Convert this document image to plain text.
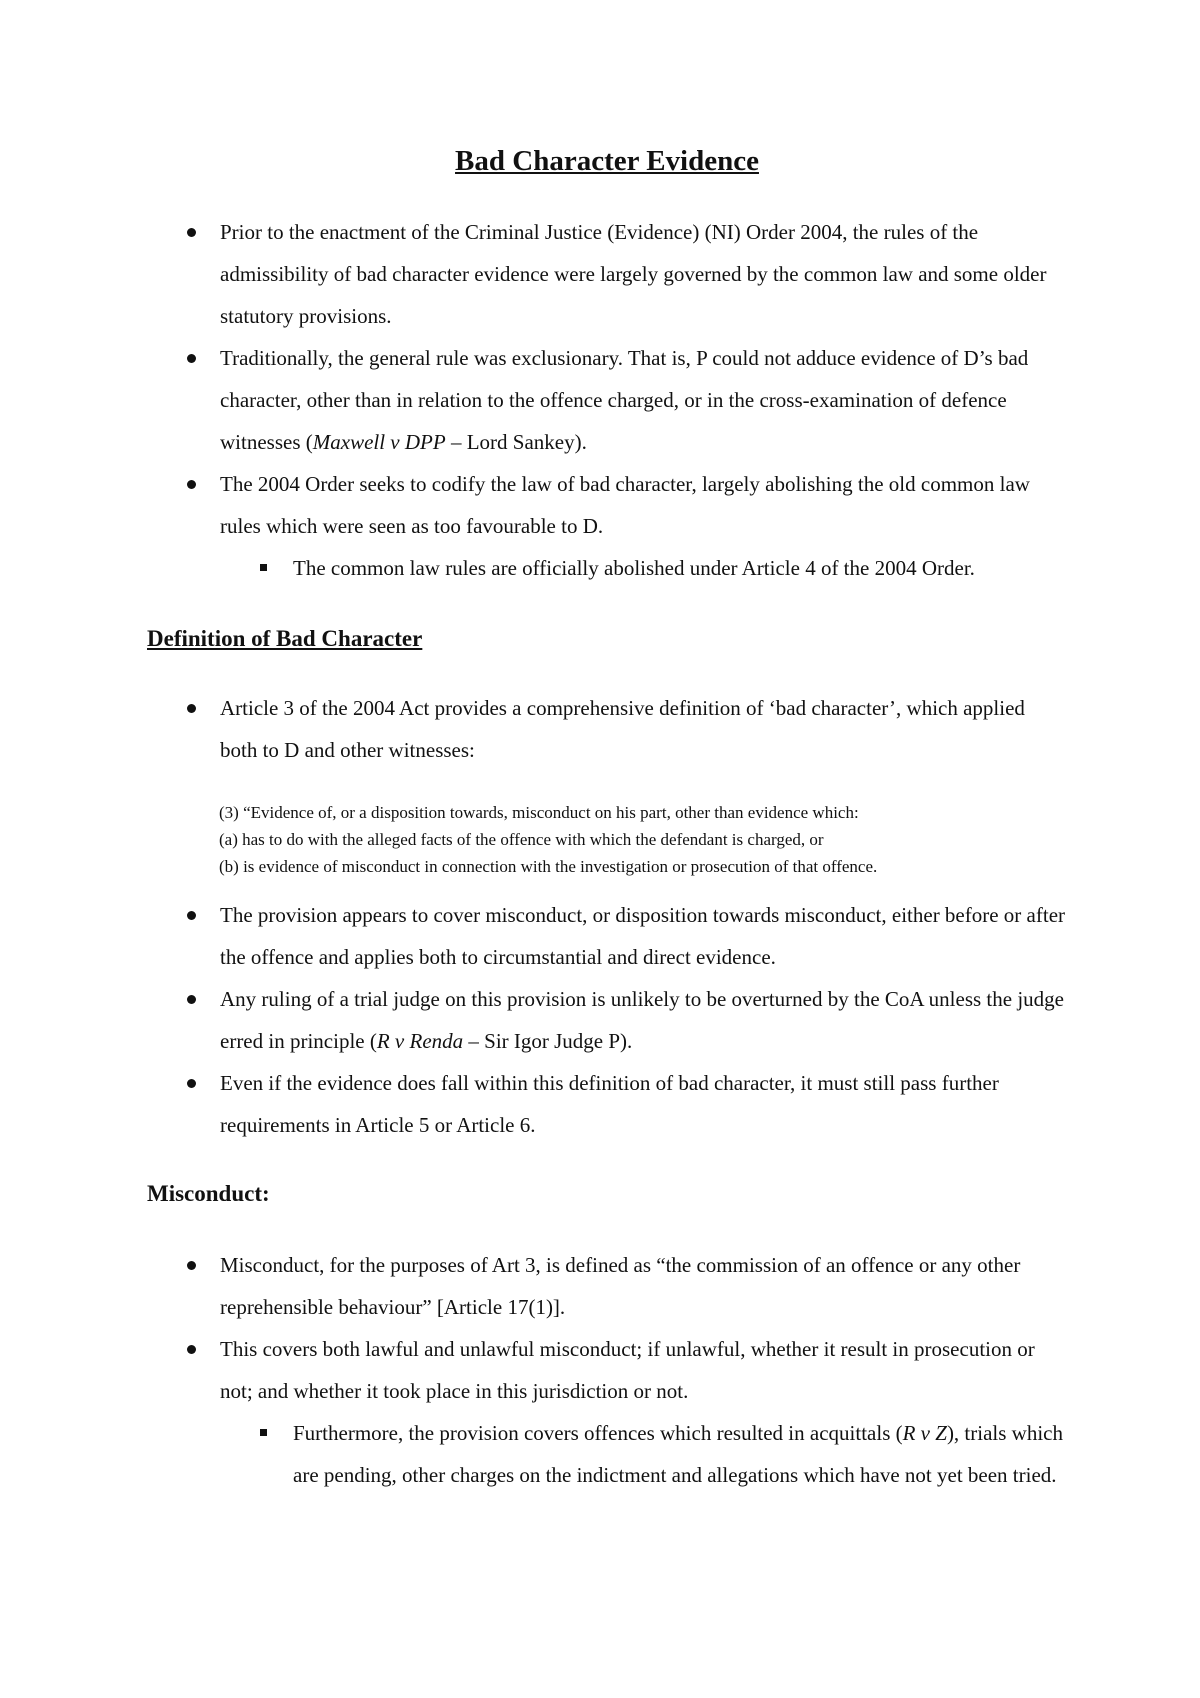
Bad Character Evidence
Prior to the enactment of the Criminal Justice (Evidence) (NI) Order 2004, the rules of the admissibility of bad character evidence were largely governed by the common law and some older statutory provisions.
Traditionally, the general rule was exclusionary. That is, P could not adduce evidence of D’s bad character, other than in relation to the offence charged, or in the cross-examination of defence witnesses (Maxwell v DPP – Lord Sankey).
The 2004 Order seeks to codify the law of bad character, largely abolishing the old common law rules which were seen as too favourable to D.
The common law rules are officially abolished under Article 4 of the 2004 Order.
Definition of Bad Character
Article 3 of the 2004 Act provides a comprehensive definition of ‘bad character’, which applied both to D and other witnesses:
(3) “Evidence of, or a disposition towards, misconduct on his part, other than evidence which:
(a) has to do with the alleged facts of the offence with which the defendant is charged, or
(b) is evidence of misconduct in connection with the investigation or prosecution of that offence.
The provision appears to cover misconduct, or disposition towards misconduct, either before or after the offence and applies both to circumstantial and direct evidence.
Any ruling of a trial judge on this provision is unlikely to be overturned by the CoA unless the judge erred in principle (R v Renda – Sir Igor Judge P).
Even if the evidence does fall within this definition of bad character, it must still pass further requirements in Article 5 or Article 6.
Misconduct:
Misconduct, for the purposes of Art 3, is defined as “the commission of an offence or any other reprehensible behaviour” [Article 17(1)].
This covers both lawful and unlawful misconduct; if unlawful, whether it result in prosecution or not; and whether it took place in this jurisdiction or not.
Furthermore, the provision covers offences which resulted in acquittals (R v Z), trials which are pending, other charges on the indictment and allegations which have not yet been tried.
